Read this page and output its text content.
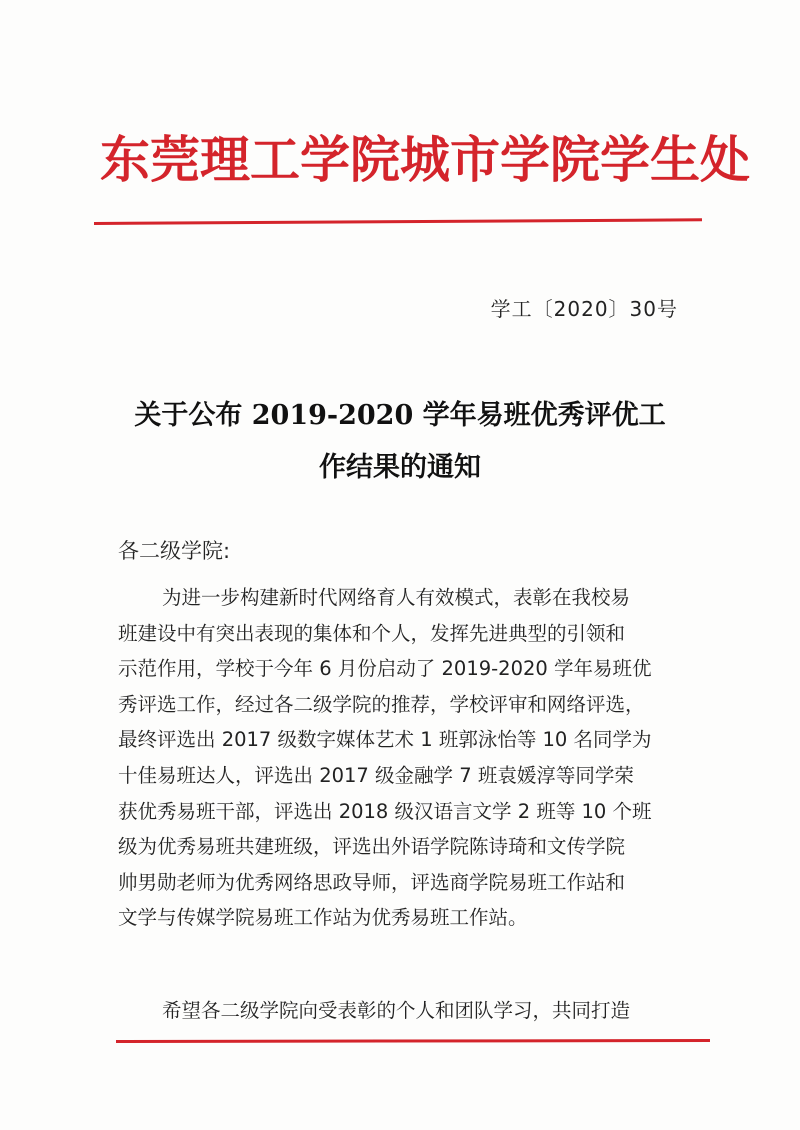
东莞理工学院城市学院学生处
学工〔2020〕30号
关于公布 2019-2020 学年易班优秀评优工
作结果的通知
各二级学院:
为进一步构建新时代网络育人有效模式，表彰在我校易
班建设中有突出表现的集体和个人，发挥先进典型的引领和
示范作用，学校于今年 6 月份启动了 2019-2020 学年易班优
秀评选工作，经过各二级学院的推荐，学校评审和网络评选，
最终评选出 2017 级数字媒体艺术 1 班郭泳怡等 10 名同学为
十佳易班达人，评选出 2017 级金融学 7 班袁媛淳等同学荣
获优秀易班干部，评选出 2018 级汉语言文学 2 班等 10 个班
级为优秀易班共建班级，评选出外语学院陈诗琦和文传学院
帅男勋老师为优秀网络思政导师，评选商学院易班工作站和
文学与传媒学院易班工作站为优秀易班工作站。
希望各二级学院向受表彰的个人和团队学习，共同打造
